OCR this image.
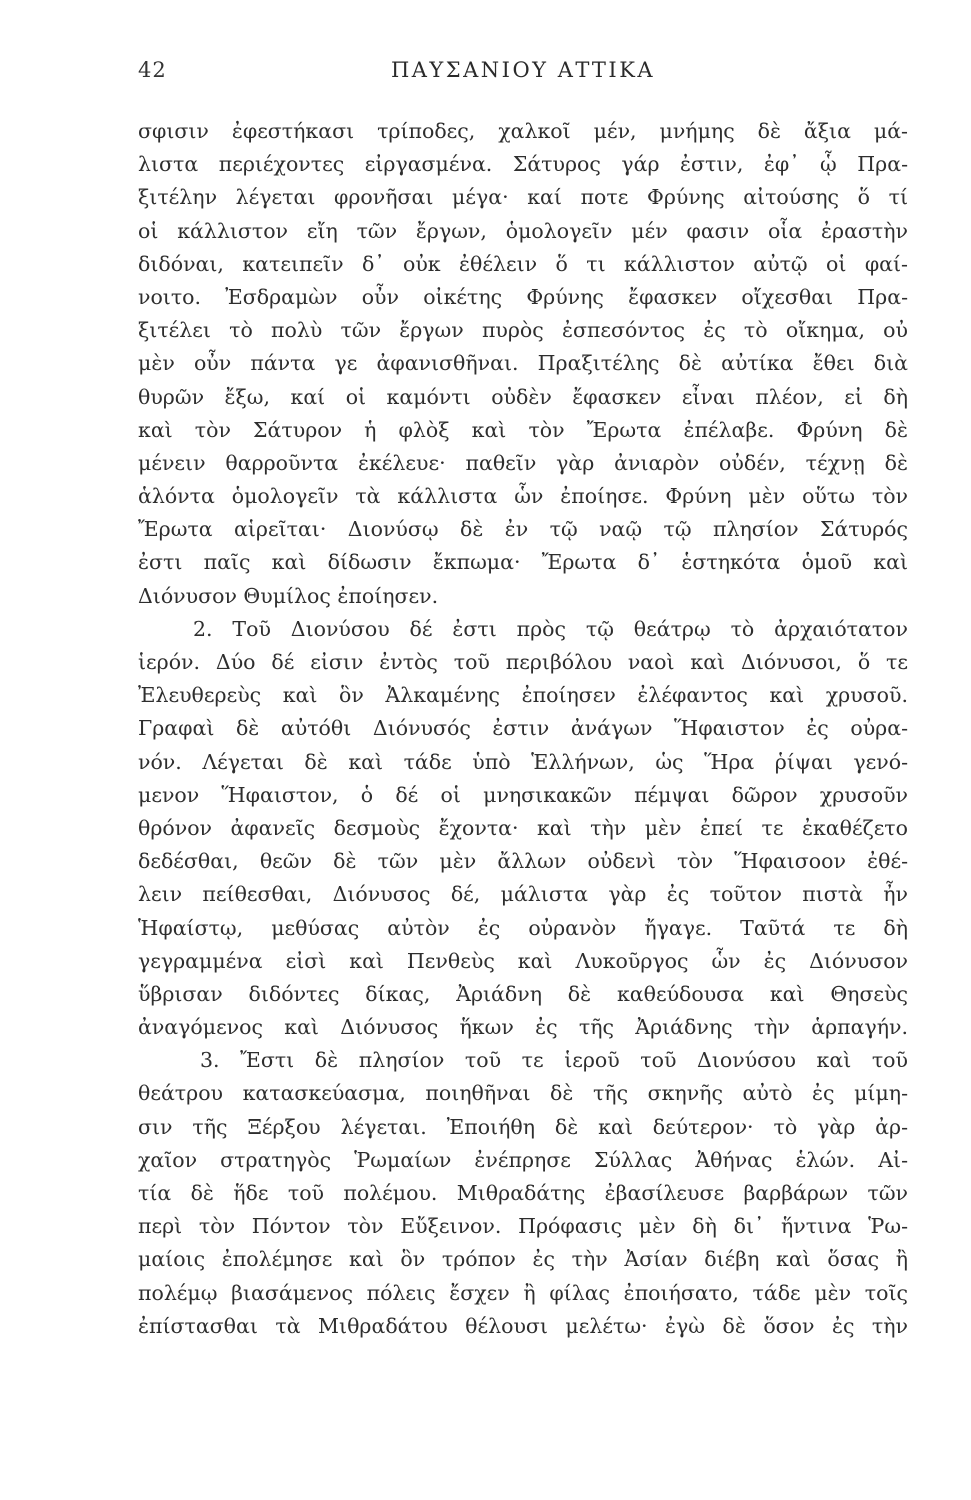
42	ΠΑΥΣΑΝΙΟΥ ΑΤΤΙΚΑ
σφισιν ἐφεστήκασι τρίποδες, χαλκοῖ μέν, μνήμης δὲ ἄξια μά-
λιστα περιέχοντες εἰργασμένα. Σάτυρος γάρ ἐστιν, ἐφ᾽ ᾧ Πρα-
ξιτέλην λέγεται φρονῆσαι μέγα· καί ποτε Φρύνης αἰτούσης ὅ τί
οἱ κάλλιστον εἴη τῶν ἔργων, ὁμολογεῖν μέν φασιν οἷα ἐραστὴν
διδόναι, κατειπεῖν δ᾽ οὐκ ἐθέλειν ὅ τι κάλλιστον αὐτῷ οἱ φαί-
νοιτο. Ἐσδραμὼν οὖν οἰκέτης Φρύνης ἔφασκεν οἴχεσθαι Πρα-
ξιτέλει τὸ πολὺ τῶν ἔργων πυρὸς ἐσπεσόντος ἐς τὸ οἴκημα, οὐ
μὲν οὖν πάντα γε ἀφανισθῆναι. Πραξιτέλης δὲ αὐτίκα ἔθει διὰ
θυρῶν ἔξω, καί οἱ καμόντι οὐδὲν ἔφασκεν εἶναι πλέον, εἰ δὴ
καὶ τὸν Σάτυρον ἡ φλὸξ καὶ τὸν Ἔρωτα ἐπέλαβε. Φρύνη δὲ
μένειν θαρροῦντα ἐκέλευε· παθεῖν γὰρ ἀνιαρὸν οὐδέν, τέχνῃ δὲ
ἁλόντα ὁμολογεῖν τὰ κάλλιστα ὧν ἐποίησε. Φρύνη μὲν οὕτω τὸν
Ἔρωτα αἱρεῖται· Διονύσῳ δὲ ἐν τῷ ναῷ τῷ πλησίον Σάτυρός
ἐστι παῖς καὶ δίδωσιν ἔκπωμα· Ἔρωτα δ᾽ ἑστηκότα ὁμοῦ καὶ
Διόνυσον Θυμίλος ἐποίησεν.
2. Τοῦ Διονύσου δέ ἐστι πρὸς τῷ θεάτρῳ τὸ ἀρχαιότατον
ἱερόν. Δύο δέ εἰσιν ἐντὸς τοῦ περιβόλου ναοὶ καὶ Διόνυσοι, ὅ τε
Ἐλευθερεὺς καὶ ὃν Ἀλκαμένης ἐποίησεν ἐλέφαντος καὶ χρυσοῦ.
Γραφαὶ δὲ αὐτόθι Διόνυσός ἐστιν ἀνάγων Ἥφαιστον ἐς οὐρα-
νόν. Λέγεται δὲ καὶ τάδε ὑπὸ Ἑλλήνων, ὡς Ἥρα ῥίψαι γενό-
μενον Ἥφαιστον, ὁ δέ οἱ μνησικακῶν πέμψαι δῶρον χρυσοῦν
θρόνον ἀφανεῖς δεσμοὺς ἔχοντα· καὶ τὴν μὲν ἐπεί τε ἐκαθέζετο
δεδέσθαι, θεῶν δὲ τῶν μὲν ἄλλων οὐδενὶ τὸν Ἥφαισοον ἐθέ-
λειν πείθεσθαι, Διόνυσος δέ, μάλιστα γὰρ ἐς τοῦτον πιστὰ ἦν
Ἡφαίστῳ, μεθύσας αὐτὸν ἐς οὐρανὸν ἤγαγε. Ταῦτά τε δὴ
γεγραμμένα εἰσὶ καὶ Πενθεὺς καὶ Λυκοῦργος ὧν ἐς Διόνυσον
ὕβρισαν διδόντες δίκας, Ἀριάδνη δὲ καθεύδουσα καὶ Θησεὺς
ἀναγόμενος καὶ Διόνυσος ἥκων ἐς τῆς Ἀριάδνης τὴν ἁρπαγήν.
3. Ἔστι δὲ πλησίον τοῦ τε ἱεροῦ τοῦ Διονύσου καὶ τοῦ
θεάτρου κατασκεύασμα, ποιηθῆναι δὲ τῆς σκηνῆς αὐτὸ ἐς μίμη-
σιν τῆς Ξέρξου λέγεται. Ἐποιήθη δὲ καὶ δεύτερον· τὸ γὰρ ἀρ-
χαῖον στρατηγὸς Ῥωμαίων ἐνέπρησε Σύλλας Ἀθήνας ἑλών. Αἰ-
τία δὲ ἥδε τοῦ πολέμου. Μιθραδάτης ἐβασίλευσε βαρβάρων τῶν
περὶ τὸν Πόντον τὸν Εὔξεινον. Πρόφασις μὲν δὴ δι᾽ ἥντινα Ῥω-
μαίοις ἐπολέμησε καὶ ὃν τρόπον ἐς τὴν Ἀσίαν διέβη καὶ ὅσας ἢ
πολέμῳ βιασάμενος πόλεις ἔσχεν ἢ φίλας ἐποιήσατο, τάδε μὲν τοῖς
ἐπίστασθαι τὰ Μιθραδάτου θέλουσι μελέτω· ἐγὼ δὲ ὅσον ἐς τὴν
